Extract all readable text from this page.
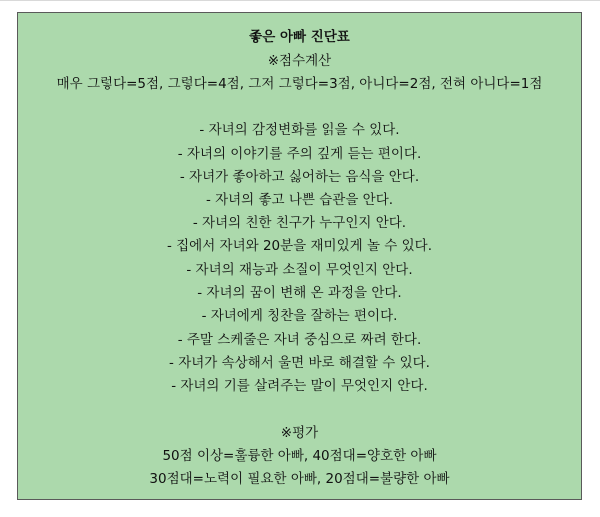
좋은 아빠 진단표
※점수계산
매우 그렇다=5점, 그렇다=4점, 그저 그렇다=3점, 아니다=2점, 전혀 아니다=1점
- 자녀의 감정변화를 읽을 수 있다.
- 자녀의 이야기를 주의 깊게 듣는 편이다.
- 자녀가 좋아하고 싫어하는 음식을 안다.
- 자녀의 좋고 나쁜 습관을 안다.
- 자녀의 친한 친구가 누구인지 안다.
- 집에서 자녀와 20분을 재미있게 놀 수 있다.
- 자녀의 재능과 소질이 무엇인지 안다.
- 자녀의 꿈이 변해 온 과정을 안다.
- 자녀에게 칭찬을 잘하는 편이다.
- 주말 스케줄은 자녀 중심으로 짜려 한다.
- 자녀가 속상해서 울면 바로 해결할 수 있다.
- 자녀의 기를 살려주는 말이 무엇인지 안다.
※평가
50점 이상=훌륭한 아빠, 40점대=양호한 아빠
30점대=노력이 필요한 아빠, 20점대=불량한 아빠
